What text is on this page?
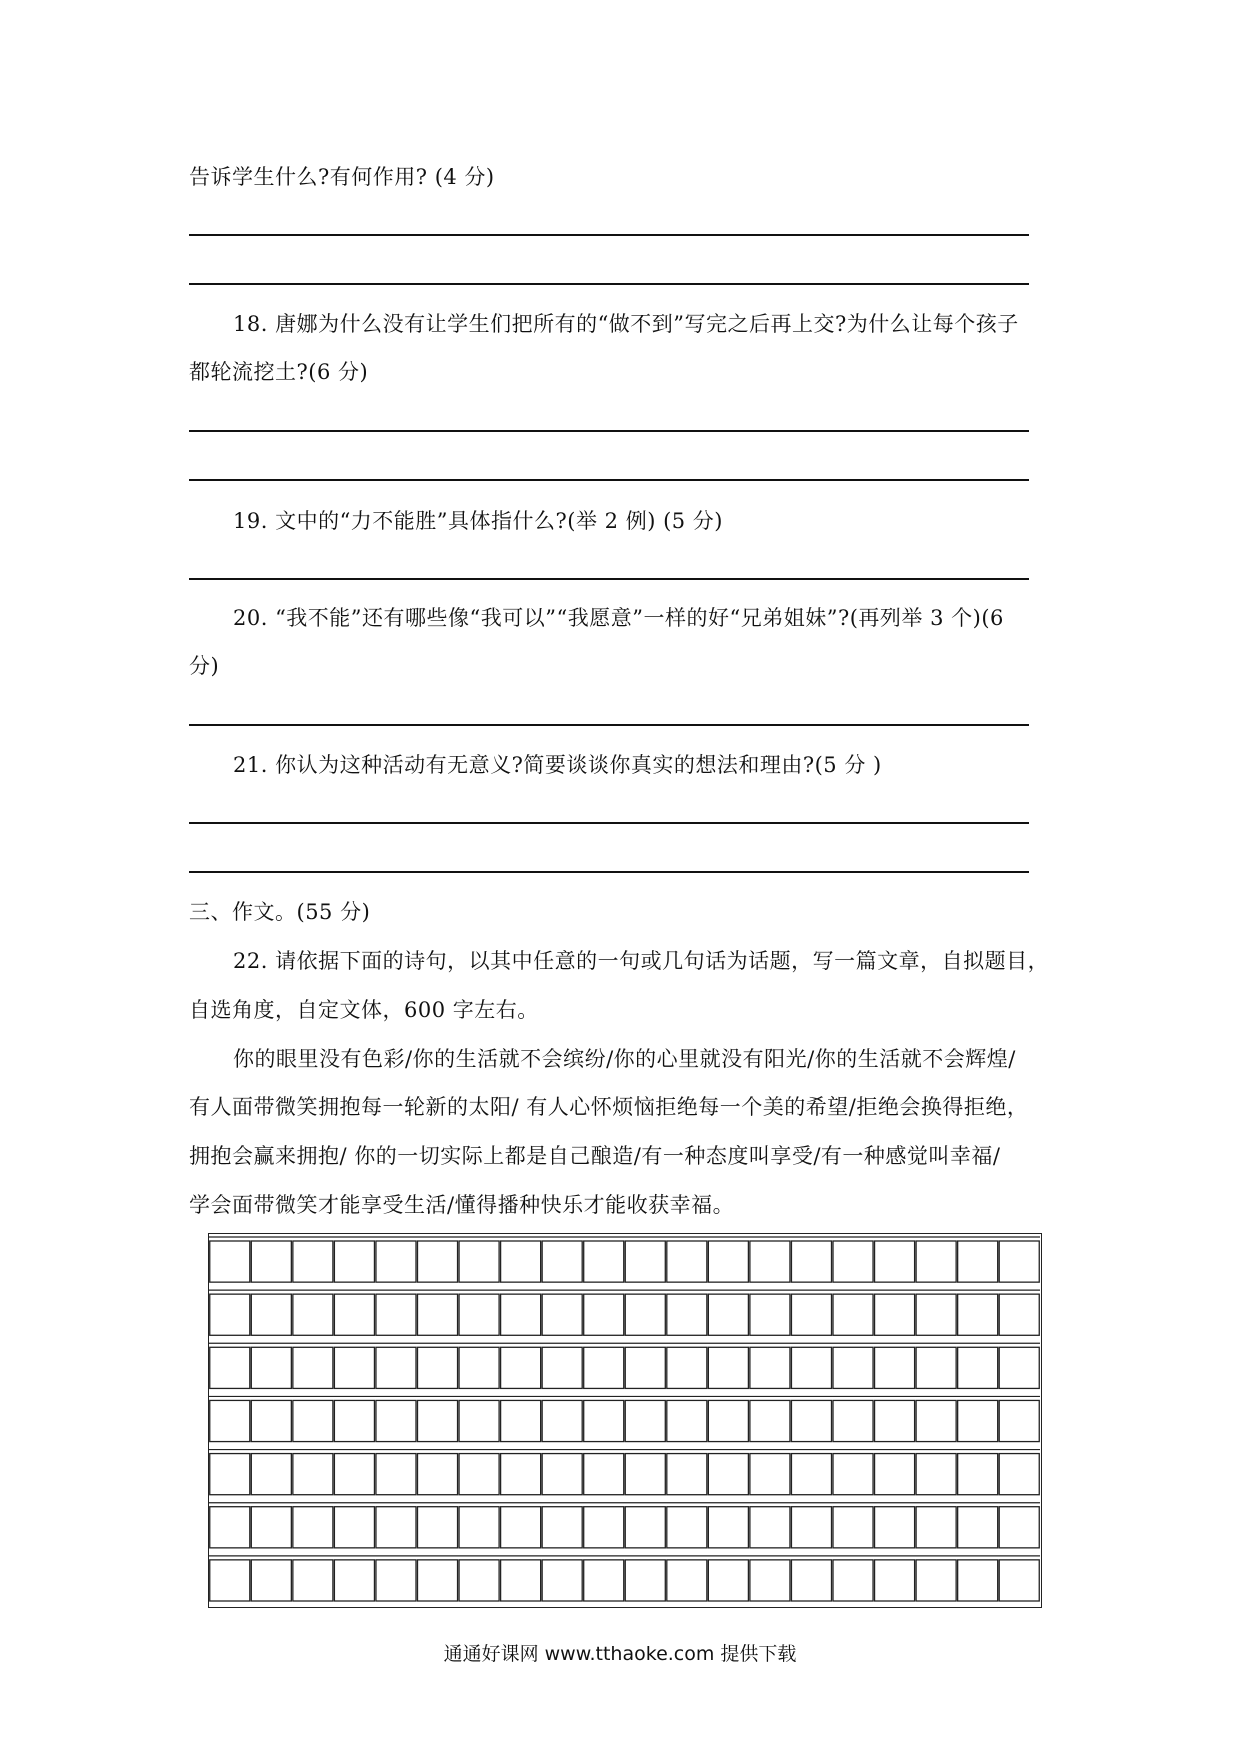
告诉学生什么?有何作用? (4 分)
18. 唐娜为什么没有让学生们把所有的“做不到”写完之后再上交?为什么让每个孩子
都轮流挖土?(6 分)
19. 文中的“力不能胜”具体指什么?(举 2 例) (5 分)
20. “我不能”还有哪些像“我可以”“我愿意”一样的好“兄弟姐妹”?(再列举 3 个)(6
分)
21. 你认为这种活动有无意义?简要谈谈你真实的想法和理由?(5 分 )
三、作文。(55 分)
22. 请依据下面的诗句，以其中任意的一句或几句话为话题，写一篇文章，自拟题目，
自选角度，自定文体，600 字左右。
你的眼里没有色彩/你的生活就不会缤纷/你的心里就没有阳光/你的生活就不会辉煌/
有人面带微笑拥抱每一轮新的太阳/ 有人心怀烦恼拒绝每一个美的希望/拒绝会换得拒绝，
拥抱会赢来拥抱/ 你的一切实际上都是自己酿造/有一种态度叫享受/有一种感觉叫幸福/
学会面带微笑才能享受生活/懂得播种快乐才能收获幸福。
通通好课网 www.tthaoke.com 提供下载
